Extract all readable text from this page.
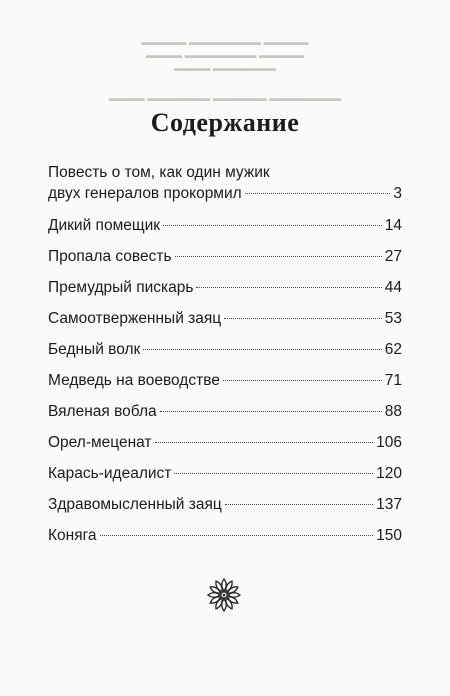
▬▬▬▬▬ ▬▬▬▬▬▬▬▬ ▬▬▬▬▬
▬▬▬▬ ▬▬▬▬▬▬▬▬ ▬▬▬▬▬
▬▬▬▬ ▬▬▬▬▬▬▬
▬▬▬▬ ▬▬▬▬▬▬▬ ▬▬▬▬▬▬ ▬▬▬▬▬▬▬▬
Содержание
Повесть о том, как один мужик
двух генералов прокормил	3
Дикий помещик	14
Пропала совесть	27
Премудрый пискарь	44
Самоотверженный заяц	53
Бедный волк	62
Медведь на воеводстве	71
Вяленая вобла	88
Орел-меценат	106
Карась-идеалист	120
Здравомысленный заяц	137
Коняга	150
